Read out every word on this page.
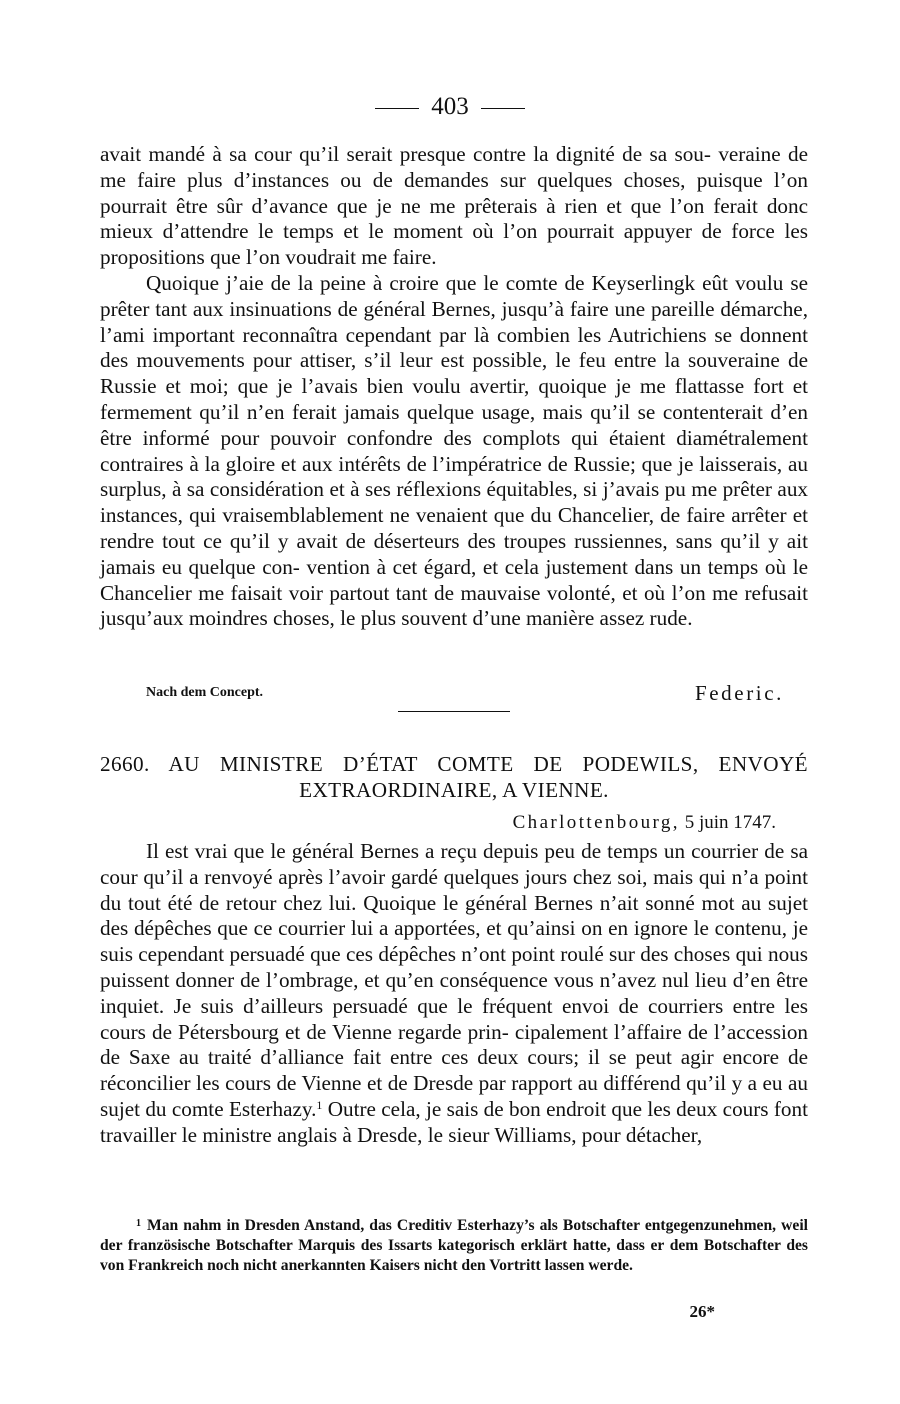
403

avait mandé à sa cour qu’il serait presque contre la dignité de sa sou- veraine de me faire plus d’instances ou de demandes sur quelques choses, puisque l’on pourrait être sûr d’avance que je ne me prêterais à rien et que l’on ferait donc mieux d’attendre le temps et le moment où l’on pourrait appuyer de force les propositions que l’on voudrait me faire.

Quoique j’aie de la peine à croire que le comte de Keyserlingk eût voulu se prêter tant aux insinuations de général Bernes, jusqu’à faire une pareille démarche, l’ami important reconnaîtra cependant par là combien les Autrichiens se donnent des mouvements pour attiser, s’il leur est possible, le feu entre la souveraine de Russie et moi; que je l’avais bien voulu avertir, quoique je me flattasse fort et fermement qu’il n’en ferait jamais quelque usage, mais qu’il se contenterait d’en être informé pour pouvoir confondre des complots qui étaient diamétralement contraires à la gloire et aux intérêts de l’impératrice de Russie; que je laisserais, au surplus, à sa considération et à ses réflexions équitables, si j’avais pu me prêter aux instances, qui vraisemblablement ne venaient que du Chancelier, de faire arrêter et rendre tout ce qu’il y avait de déserteurs des troupes russiennes, sans qu’il y ait jamais eu quelque con- vention à cet égard, et cela justement dans un temps où le Chancelier me faisait voir partout tant de mauvaise volonté, et où l’on me refusait jusqu’aux moindres choses, le plus souvent d’une manière assez rude.

Nach dem Concept.	Federic.
2660. AU MINISTRE D’ÉTAT COMTE DE PODEWILS, ENVOYÉ
EXTRAORDINAIRE, A VIENNE.
Charlottenbourg, 5 juin 1747.

Il est vrai que le général Bernes a reçu depuis peu de temps un courrier de sa cour qu’il a renvoyé après l’avoir gardé quelques jours chez soi, mais qui n’a point du tout été de retour chez lui. Quoique le général Bernes n’ait sonné mot au sujet des dépêches que ce courrier lui a apportées, et qu’ainsi on en ignore le contenu, je suis cependant persuadé que ces dépêches n’ont point roulé sur des choses qui nous puissent donner de l’ombrage, et qu’en conséquence vous n’avez nul lieu d’en être inquiet. Je suis d’ailleurs persuadé que le fréquent envoi de courriers entre les cours de Pétersbourg et de Vienne regarde prin- cipalement l’affaire de l’accession de Saxe au traité d’alliance fait entre ces deux cours; il se peut agir encore de réconcilier les cours de Vienne et de Dresde par rapport au différend qu’il y a eu au sujet du comte Esterhazy.$^1$ Outre cela, je sais de bon endroit que les deux cours font travailler le ministre anglais à Dresde, le sieur Williams, pour détacher,

$^1$ Man nahm in Dresden Anstand, das Creditiv Esterhazy’s als Botschafter entgegenzunehmen, weil der französische Botschafter Marquis des Issarts kategorisch erklärt hatte, dass er dem Botschafter des von Frankreich noch nicht anerkannten Kaisers nicht den Vortritt lassen werde.
26*
